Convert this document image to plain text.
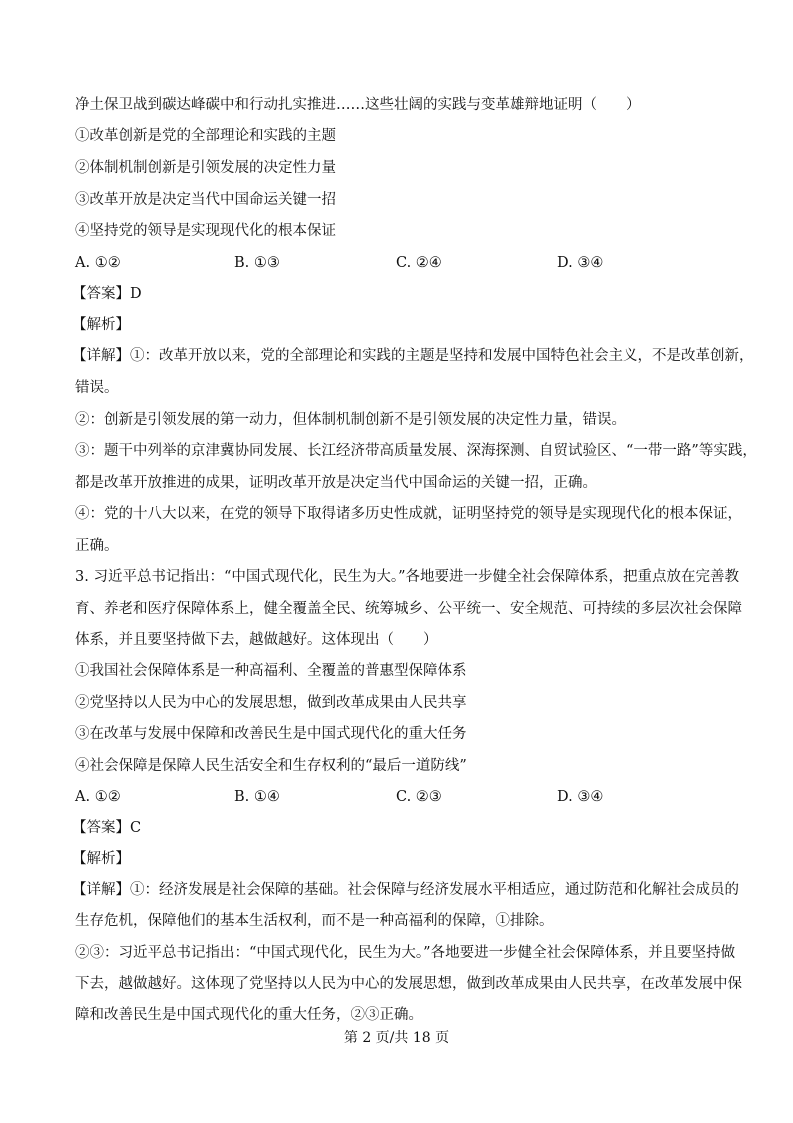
净土保卫战到碳达峰碳中和行动扎实推进……这些壮阔的实践与变革雄辩地证明（　　）
①改革创新是党的全部理论和实践的主题
②体制机制创新是引领发展的决定性力量
③改革开放是决定当代中国命运关键一招
④坚持党的领导是实现现代化的根本保证
A. ①②	B. ①③	C. ②④	D. ③④
【答案】D
【解析】
【详解】①：改革开放以来，党的全部理论和实践的主题是坚持和发展中国特色社会主义，不是改革创新，
错误。
②：创新是引领发展的第一动力，但体制机制创新不是引领发展的决定性力量，错误。
③：题干中列举的京津冀协同发展、长江经济带高质量发展、深海探测、自贸试验区、“一带一路”等实践，
都是改革开放推进的成果，证明改革开放是决定当代中国命运的关键一招，正确。
④：党的十八大以来，在党的领导下取得诸多历史性成就，证明坚持党的领导是实现现代化的根本保证，
正确。
3. 习近平总书记指出：“中国式现代化，民生为大。”各地要进一步健全社会保障体系，把重点放在完善教
育、养老和医疗保障体系上，健全覆盖全民、统筹城乡、公平统一、安全规范、可持续的多层次社会保障
体系，并且要坚持做下去，越做越好。这体现出（　　）
①我国社会保障体系是一种高福利、全覆盖的普惠型保障体系
②党坚持以人民为中心的发展思想，做到改革成果由人民共享
③在改革与发展中保障和改善民生是中国式现代化的重大任务
④社会保障是保障人民生活安全和生存权利的“最后一道防线”
A. ①②	B. ①④	C. ②③	D. ③④
【答案】C
【解析】
【详解】①：经济发展是社会保障的基础。社会保障与经济发展水平相适应，通过防范和化解社会成员的
生存危机，保障他们的基本生活权利，而不是一种高福利的保障，①排除。
②③：习近平总书记指出：“中国式现代化，民生为大。”各地要进一步健全社会保障体系，并且要坚持做
下去，越做越好。这体现了党坚持以人民为中心的发展思想，做到改革成果由人民共享，在改革发展中保
障和改善民生是中国式现代化的重大任务，②③正确。
第 2 页/共 18 页
